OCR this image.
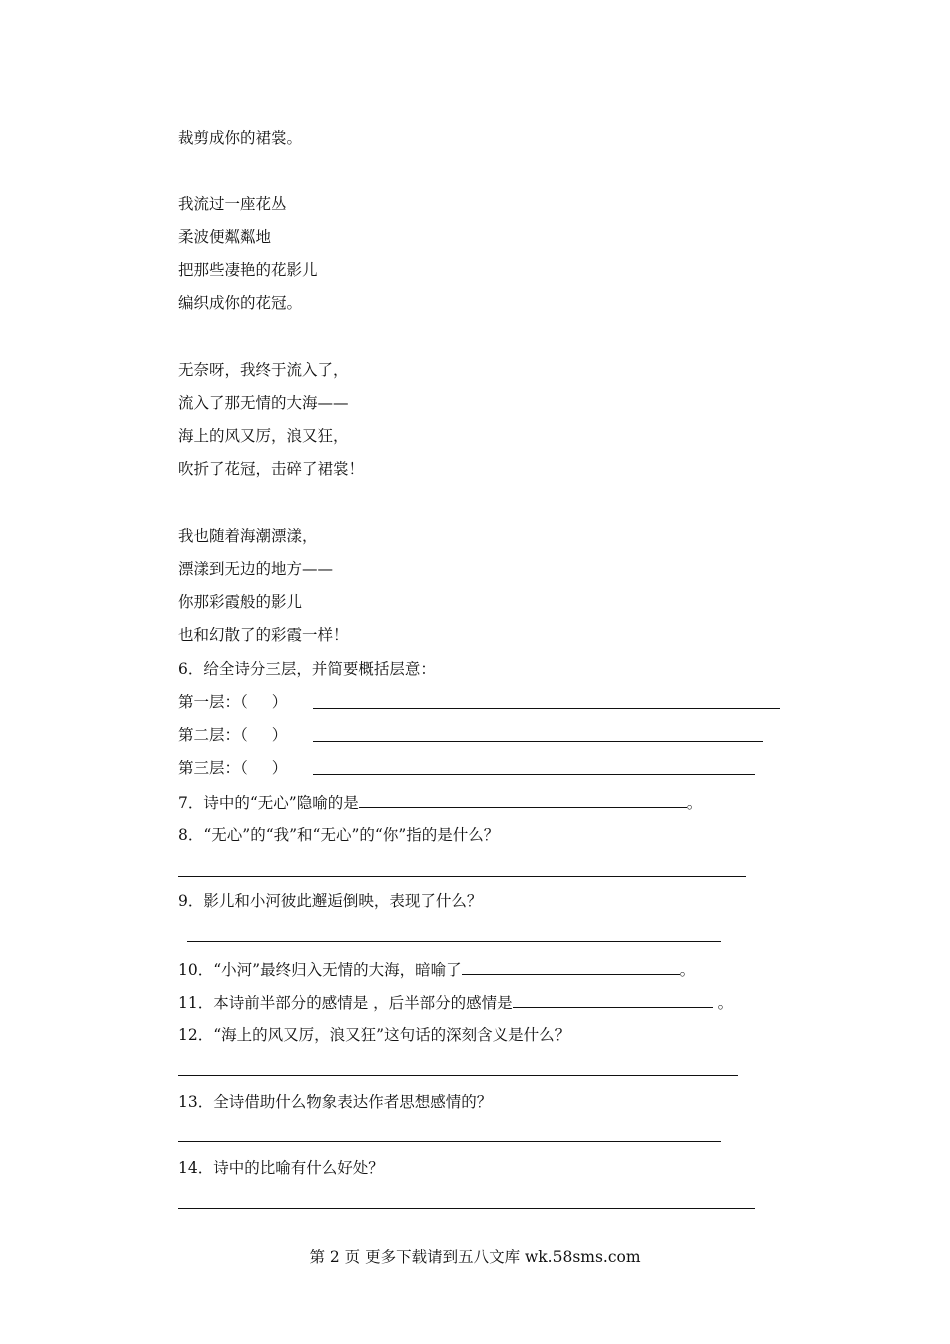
裁剪成你的裙裳。
我流过一座花丛
柔波便粼粼地
把那些凄艳的花影儿
编织成你的花冠。
无奈呀，我终于流入了，
流入了那无情的大海——
海上的风又厉，浪又狂，
吹折了花冠，击碎了裙裳！
我也随着海潮漂漾，
漂漾到无边的地方——
你那彩霞般的影儿
也和幻散了的彩霞一样！
6．给全诗分三层，并简要概括层意：
第一层：（ ）
第二层：（ ）
第三层：（ ）
7．诗中的“无心”隐喻的是	。
8．“无心”的“我”和“无心”的“你”指的是什么？
9．影儿和小河彼此邂逅倒映，表现了什么？
10．“小河”最终归入无情的大海，暗喻了	。
11．本诗前半部分的感情是 ，后半部分的感情是	。
12．“海上的风又厉，浪又狂”这句话的深刻含义是什么？
13．全诗借助什么物象表达作者思想感情的？
14．诗中的比喻有什么好处？
第 2 页 更多下载请到五八文库 wk.58sms.com
